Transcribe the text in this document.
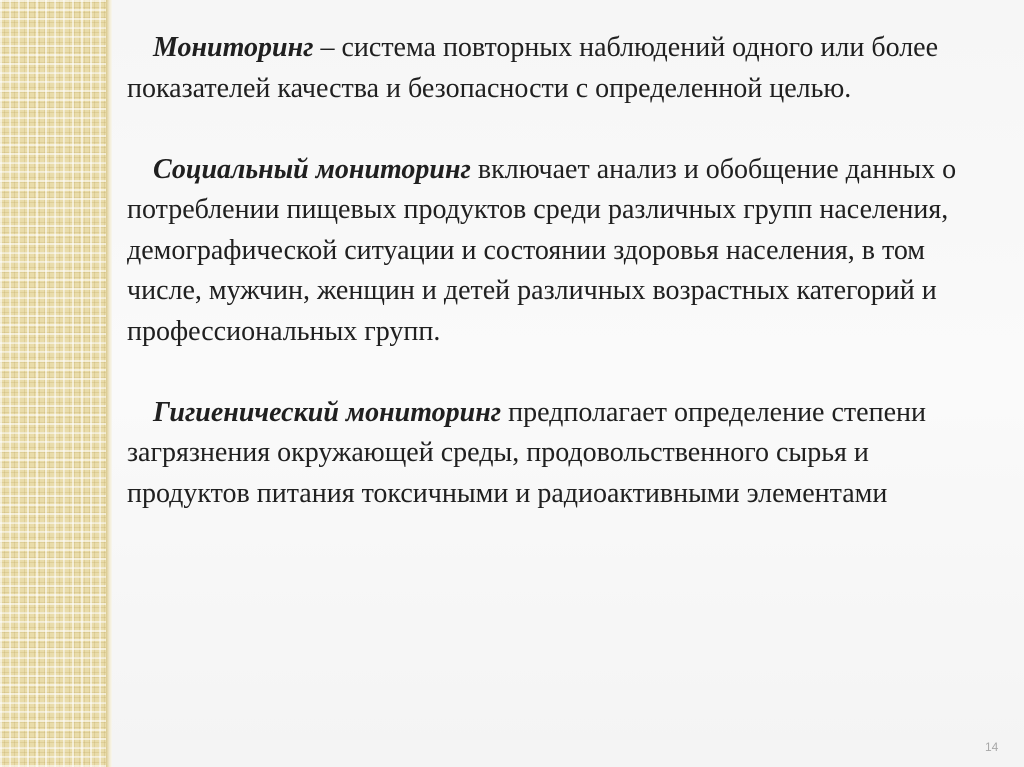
Мониторинг – система повторных наблюдений одного или более показателей качества и безопасности с определенной целью.

Социальный мониторинг включает анализ и обобщение данных о потреблении пищевых продуктов среди различных групп населения, демографической ситуации и состоянии здоровья населения, в том числе, мужчин, женщин и детей различных возрастных категорий и профессиональных групп.

Гигиенический мониторинг предполагает определение степени загрязнения окружающей среды, продовольственного сырья и продуктов питания токсичными и радиоактивными элементами

14
